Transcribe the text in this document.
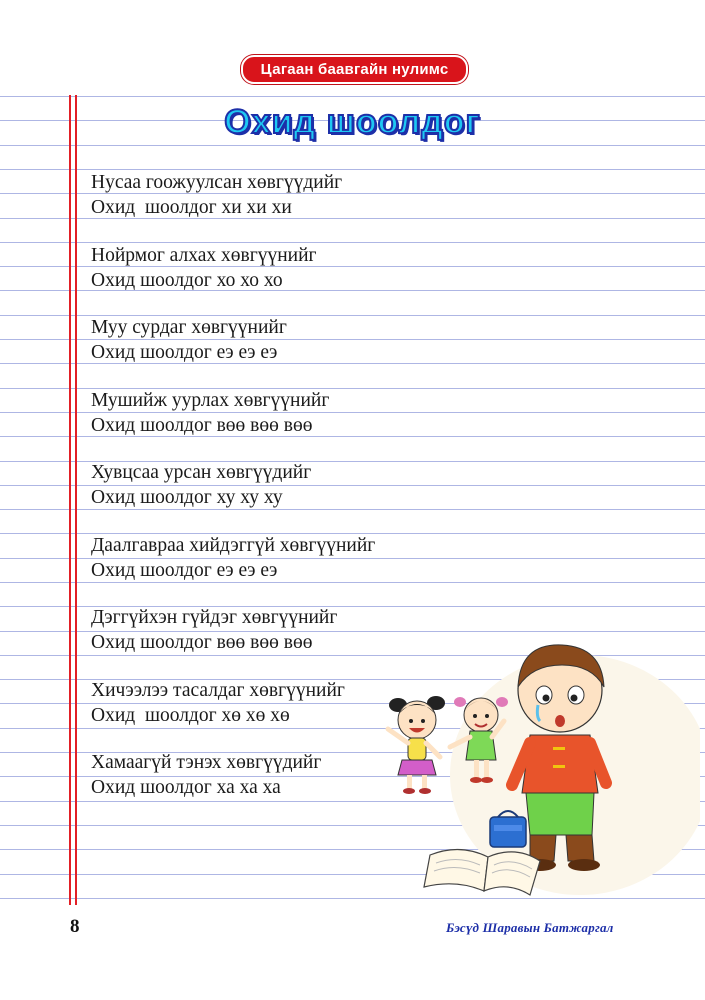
Цагаан баавгайн нулимс
Охид шоолдог

Нусаа гоожуулсан хөвгүүдийг

Охид  шоолдог хи хи хи

Нойрмог алхах хөвгүүнийг

Охид шоолдог хо хо хо

Муу сурдаг хөвгүүнийг

Охид шоолдог еэ еэ еэ

Мушийж уурлах хөвгүүнийг

Охид шоолдог вөө вөө вөө

Хувцсаа урсан хөвгүүдийг

Охид шоолдог ху ху ху

Даалгавраа хийдэггүй хөвгүүнийг

Охид шоолдог еэ еэ еэ

Дэггүйхэн гүйдэг хөвгүүнийг

Охид шоолдог вөө вөө вөө

Хичээлээ тасалдаг хөвгүүнийг

Охид  шоолдог хө хө хө

Хамаагүй тэнэх хөвгүүдийг

Охид шоолдог ха ха ха

8	Бэсүд Шаравын Батжаргал
